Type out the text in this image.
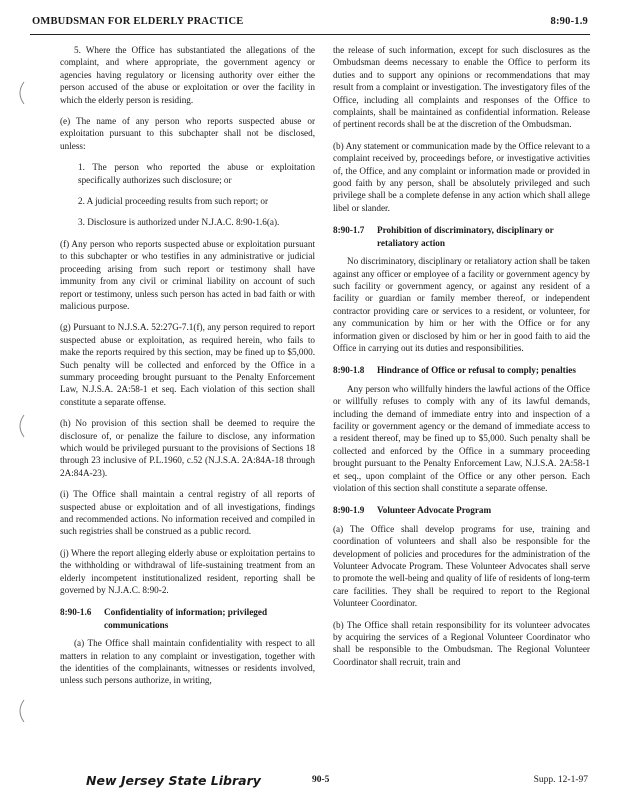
OMBUDSMAN FOR ELDERLY PRACTICE	8:90-1.9

5. Where the Office has substantiated the allegations of the complaint, and where appropriate, the government agency or agencies having regulatory or licensing authority over either the person accused of the abuse or exploitation or over the facility in which the elderly person is residing.

(e) The name of any person who reports suspected abuse or exploitation pursuant to this subchapter shall not be disclosed, unless:

1. The person who reported the abuse or exploitation specifically authorizes such disclosure; or

2. A judicial proceeding results from such report; or

3. Disclosure is authorized under N.J.A.C. 8:90-1.6(a).

(f) Any person who reports suspected abuse or exploitation pursuant to this subchapter or who testifies in any administrative or judicial proceeding arising from such report or testimony shall have immunity from any civil or criminal liability on account of such report or testimony, unless such person has acted in bad faith or with malicious purpose.

(g) Pursuant to N.J.S.A. 52:27G-7.1(f), any person required to report suspected abuse or exploitation, as required herein, who fails to make the reports required by this section, may be fined up to $5,000. Such penalty will be collected and enforced by the Office in a summary proceeding brought pursuant to the Penalty Enforcement Law, N.J.S.A. 2A:58-1 et seq. Each violation of this section shall constitute a separate offense.

(h) No provision of this section shall be deemed to require the disclosure of, or penalize the failure to disclose, any information which would be privileged pursuant to the provisions of Sections 18 through 23 inclusive of P.L.1960, c.52 (N.J.S.A. 2A:84A-18 through 2A:84A-23).

(i) The Office shall maintain a central registry of all reports of suspected abuse or exploitation and of all investigations, findings and recommended actions. No information received and compiled in such registries shall be construed as a public record.

(j) Where the report alleging elderly abuse or exploitation pertains to the withholding or withdrawal of life-sustaining treatment from an elderly incompetent institutionalized resident, reporting shall be governed by N.J.A.C. 8:90-2.

8:90-1.6	Confidentiality of information; privileged communications

(a) The Office shall maintain confidentiality with respect to all matters in relation to any complaint or investigation, together with the identities of the complainants, witnesses or residents involved, unless such persons authorize, in writing,

the release of such information, except for such disclosures as the Ombudsman deems necessary to enable the Office to perform its duties and to support any opinions or recommendations that may result from a complaint or investigation. The investigatory files of the Office, including all complaints and responses of the Office to complaints, shall be maintained as confidential information. Release of pertinent records shall be at the discretion of the Ombudsman.

(b) Any statement or communication made by the Office relevant to a complaint received by, proceedings before, or investigative activities of, the Office, and any complaint or information made or provided in good faith by any person, shall be absolutely privileged and such privilege shall be a complete defense in any action which shall allege libel or slander.

8:90-1.7	Prohibition of discriminatory, disciplinary or retaliatory action

No discriminatory, disciplinary or retaliatory action shall be taken against any officer or employee of a facility or government agency by such facility or government agency, or against any resident of a facility or guardian or family member thereof, or independent contractor providing care or services to a resident, or volunteer, for any communication by him or her with the Office or for any information given or disclosed by him or her in good faith to aid the Office in carrying out its duties and responsibilities.

8:90-1.8	Hindrance of Office or refusal to comply; penalties

Any person who willfully hinders the lawful actions of the Office or willfully refuses to comply with any of its lawful demands, including the demand of immediate entry into and inspection of a facility or government agency or the demand of immediate access to a resident thereof, may be fined up to $5,000. Such penalty shall be collected and enforced by the Office in a summary proceeding brought pursuant to the Penalty Enforcement Law, N.J.S.A. 2A:58-1 et seq., upon complaint of the Office or any other person. Each violation of this section shall constitute a separate offense.

8:90-1.9	Volunteer Advocate Program

(a) The Office shall develop programs for use, training and coordination of volunteers and shall also be responsible for the development of policies and procedures for the administration of the Volunteer Advocate Program. These Volunteer Advocates shall serve to promote the well-being and quality of life of residents of long-term care facilities. They shall be required to report to the Regional Volunteer Coordinator.

(b) The Office shall retain responsibility for its volunteer advocates by acquiring the services of a Regional Volunteer Coordinator who shall be responsible to the Ombudsman. The Regional Volunteer Coordinator shall recruit, train and

New Jersey State Library	90-5	Supp. 12-1-97
